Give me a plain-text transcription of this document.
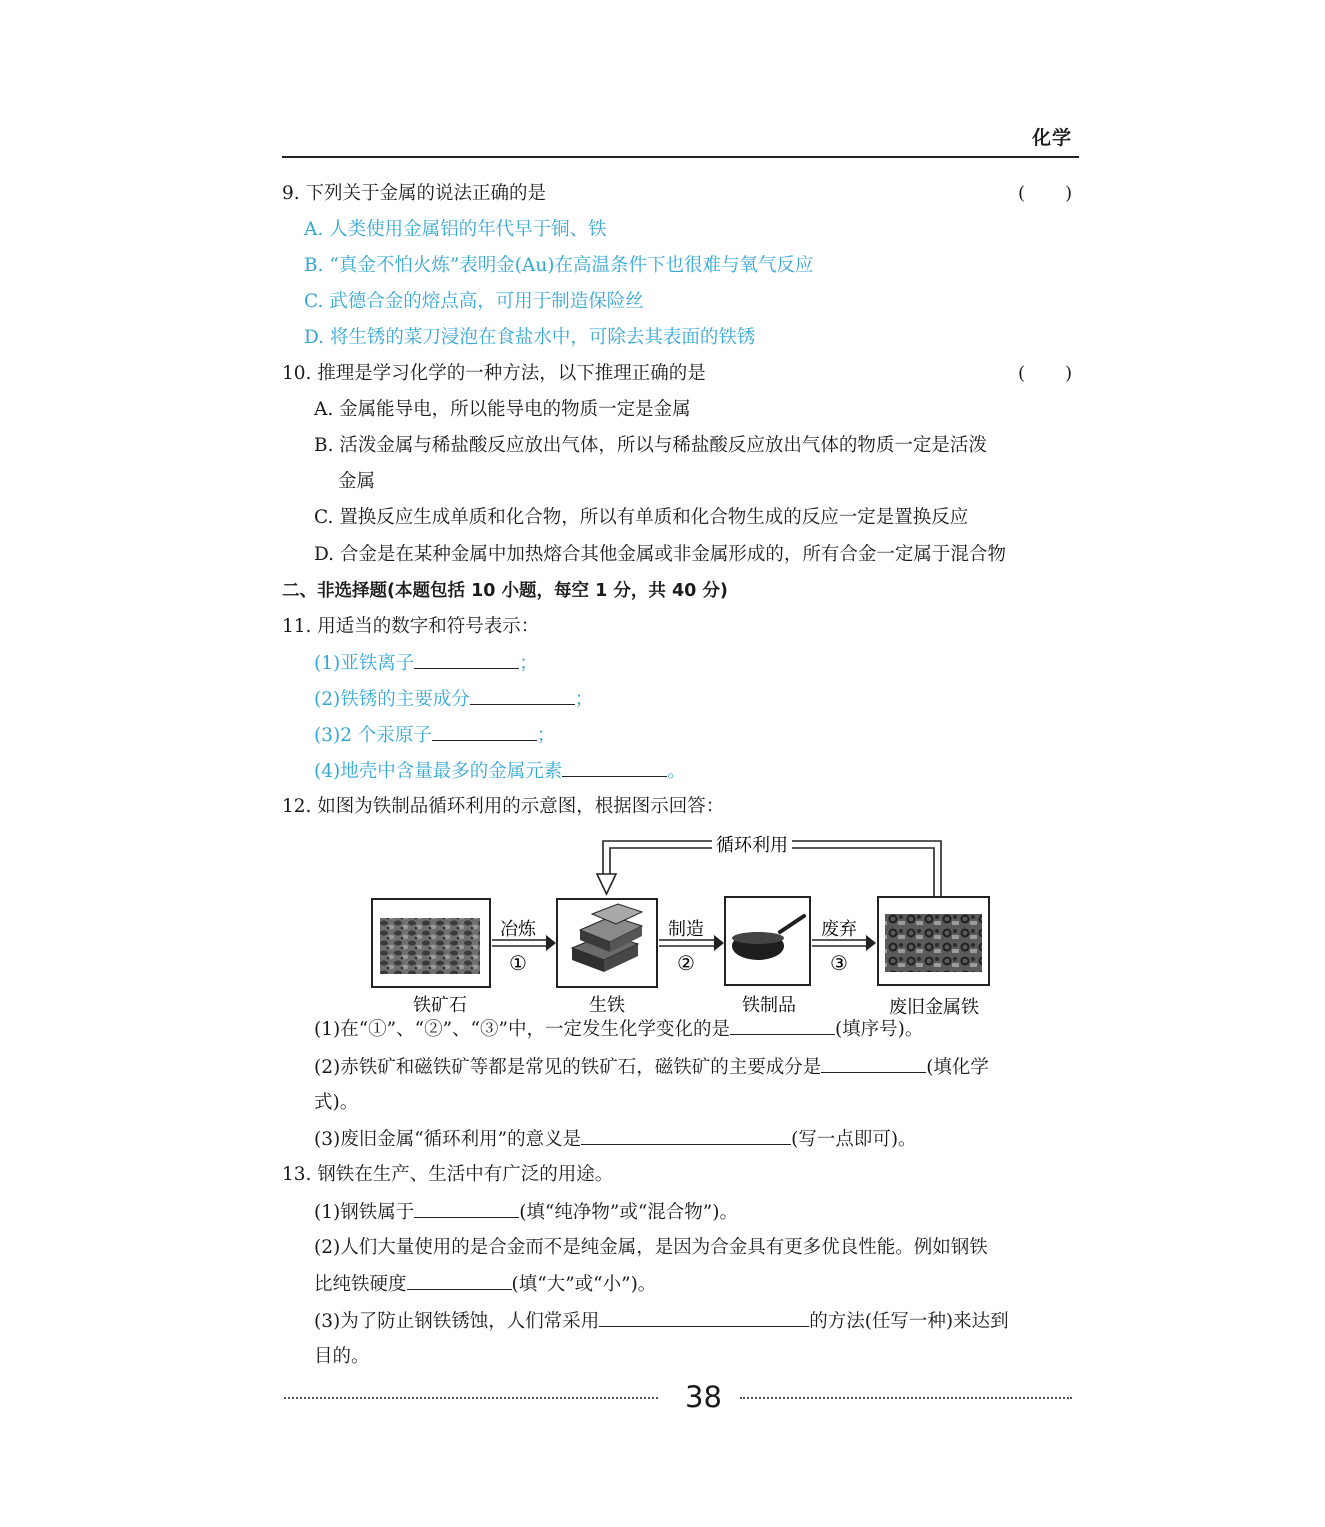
化学
9. 下列关于金属的说法正确的是	(       )
A. 人类使用金属铝的年代早于铜、铁
B. “真金不怕火炼”表明金(Au)在高温条件下也很难与氧气反应
C. 武德合金的熔点高，可用于制造保险丝
D. 将生锈的菜刀浸泡在食盐水中，可除去其表面的铁锈
10. 推理是学习化学的一种方法，以下推理正确的是	(       )
A. 金属能导电，所以能导电的物质一定是金属
B. 活泼金属与稀盐酸反应放出气体，所以与稀盐酸反应放出气体的物质一定是活泼
金属
C. 置换反应生成单质和化合物，所以有单质和化合物生成的反应一定是置换反应
D. 合金是在某种金属中加热熔合其他金属或非金属形成的，所有合金一定属于混合物
二、非选择题(本题包括 10 小题，每空 1 分，共 40 分)
11. 用适当的数字和符号表示：
(1)亚铁离子	；
(2)铁锈的主要成分	；
(3)2 个汞原子	；
(4)地壳中含量最多的金属元素	。
12. 如图为铁制品循环利用的示意图，根据图示回答：
循环利用
铁矿石
冶炼
①
生铁
制造
②
铁制品
废弃
③
废旧金属铁
(1)在“①”、“②”、“③”中，一定发生化学变化的是	(填序号)。
(2)赤铁矿和磁铁矿等都是常见的铁矿石，磁铁矿的主要成分是	(填化学
式)。
(3)废旧金属“循环利用”的意义是	(写一点即可)。
13. 钢铁在生产、生活中有广泛的用途。
(1)钢铁属于	(填“纯净物”或“混合物”)。
(2)人们大量使用的是合金而不是纯金属，是因为合金具有更多优良性能。例如钢铁
比纯铁硬度	(填“大”或“小”)。
(3)为了防止钢铁锈蚀，人们常采用	的方法(任写一种)来达到
目的。
38
